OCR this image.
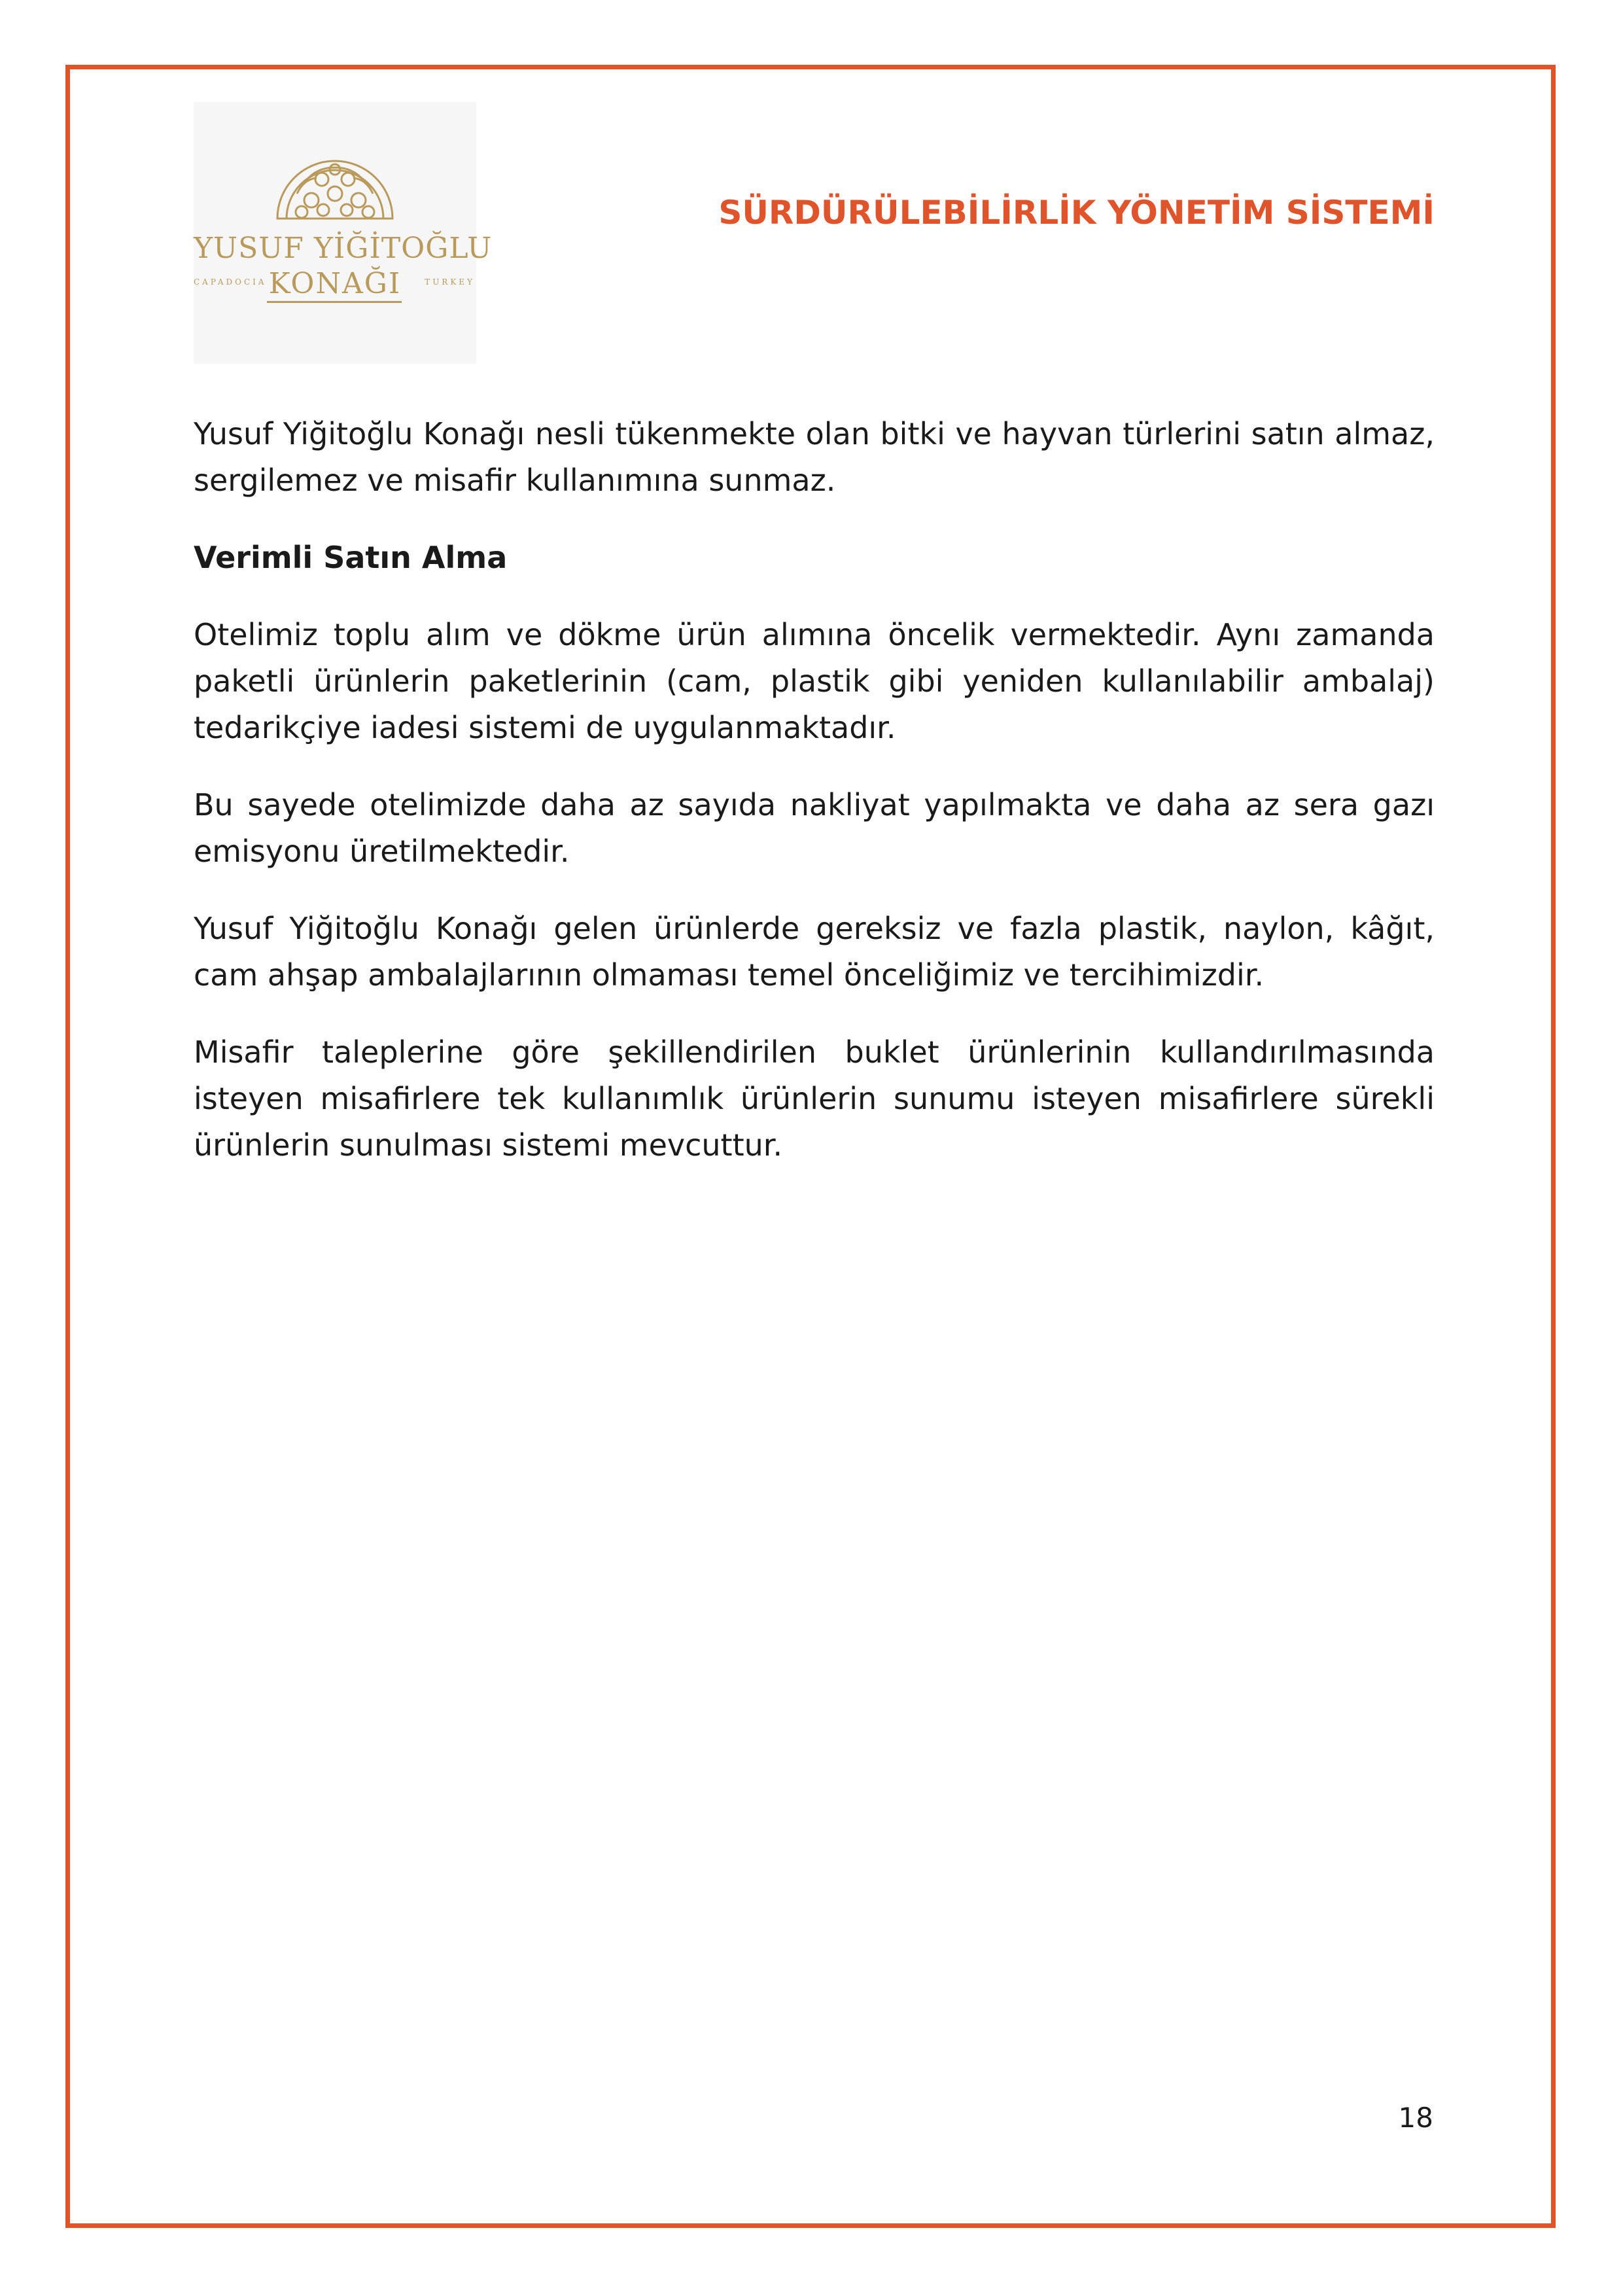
YUSUF YİĞİTOĞLU
CAPADOCIA	TURKEY
KONAĞI
SÜRDÜRÜLEBİLİRLİK YÖNETİM SİSTEMİ

Yusuf Yiğitoğlu Konağı nesli tükenmekte olan bitki ve hayvan türlerini satın almaz, sergilemez ve misafir kullanımına sunmaz.

Verimli Satın Alma

Otelimiz toplu alım ve dökme ürün alımına öncelik vermektedir. Aynı zamanda paketli ürünlerin paketlerinin (cam, plastik gibi yeniden kullanılabilir ambalaj) tedarikçiye iadesi sistemi de uygulanmaktadır.

Bu sayede otelimizde daha az sayıda nakliyat yapılmakta ve daha az sera gazı emisyonu üretilmektedir.

Yusuf Yiğitoğlu Konağı gelen ürünlerde gereksiz ve fazla plastik, naylon, kâğıt, cam ahşap ambalajlarının olmaması temel önceliğimiz ve tercihimizdir.

Misafir taleplerine göre şekillendirilen buklet ürünlerinin kullandırılmasında isteyen misafirlere tek kullanımlık ürünlerin sunumu isteyen misafirlere sürekli ürünlerin sunulması sistemi mevcuttur.

18
